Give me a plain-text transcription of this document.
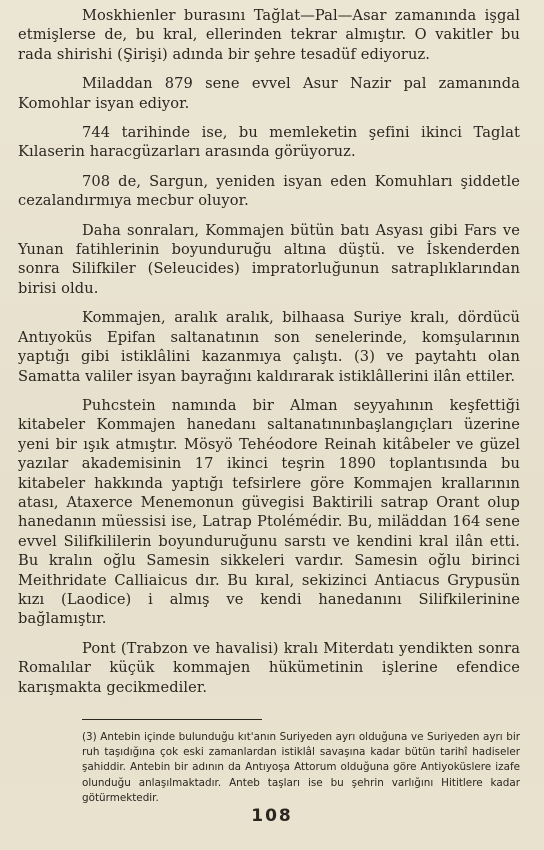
Moskhienler burasını Tağlat—Pal—Asar zamanında işgal etmişlerse de, bu kral, ellerinden tekrar almıştır. O vakitler bu rada shirishi (Şirişi) adında bir şehre tesadüf ediyoruz.

Miladdan 879 sene evvel Asur Nazir pal zamanında Komohlar isyan ediyor.

744 tarihinde ise, bu memleketin şefini ikinci Taglat Kılaserin haracgüzarları arasında görüyoruz.

708 de, Sargun, yeniden isyan eden Komuhları şiddetle cezalandırmıya mecbur oluyor.

Daha sonraları, Kommajen bütün batı Asyası gibi Fars ve Yunan fatihlerinin boyunduruğu altına düştü. ve İskenderden sonra Silifkiler (Seleucides) impratorluğunun satraplıklarından birisi oldu.

Kommajen, aralık aralık, bilhaasa Suriye kralı, dördücü Antıyoküs Epifan saltanatının son senelerinde, komşularının yaptığı gibi istiklâlini kazanmıya çalıştı. (3) ve paytahtı olan Samatta valiler isyan bayrağını kaldırarak istiklâllerini ilân ettiler.

Puhcstein namında bir Alman seyyahının keşfettiği kitabeler Kommajen hanedanı saltanatınınbaşlangıçları üzerine yeni bir ışık atmıştır. Mösyö Tehéodore Reinah kitâbeler ve güzel yazılar akademisinin 17 ikinci teşrin 1890 toplantısında bu kitabeler hakkında yaptığı tefsirlere göre Kommajen krallarının atası, Ataxerce Menemonun güvegisi Baktirili satrap Orant olup hanedanın müessisi ise, Latrap Ptolémédir. Bu, miläddan 164 sene evvel Silifkililerin boyunduruğunu sarstı ve kendini kral ilân etti. Bu kralın oğlu Samesin sikkeleri vardır. Samesin oğlu birinci Meithridate Calliaicus dır. Bu kıral, sekizinci Antiacus Grypusün kızı (Laodice) i almış ve kendi hanedanını Silifkilerinine bağlamıştır.

Pont (Trabzon ve havalisi) kralı Miterdatı yendikten sonra Romalılar küçük kommajen hükümetinin işlerine efendice karışmakta gecikmediler.

(3) Antebin içinde bulunduğu kıt'anın Suriyeden ayrı olduğuna ve Suriyeden ayrı bir ruh taşıdığına çok eski zamanlardan istiklâl savaşına kadar bütün tarihî hadiseler şahiddir. Antebin bir adının da Antıyoşa Attorum olduğuna göre Antiyoküslere izafe olunduğu anlaşılmaktadır. Anteb taşları ise bu şehrin varlığını Hititlere kadar götürmektedir.

108
